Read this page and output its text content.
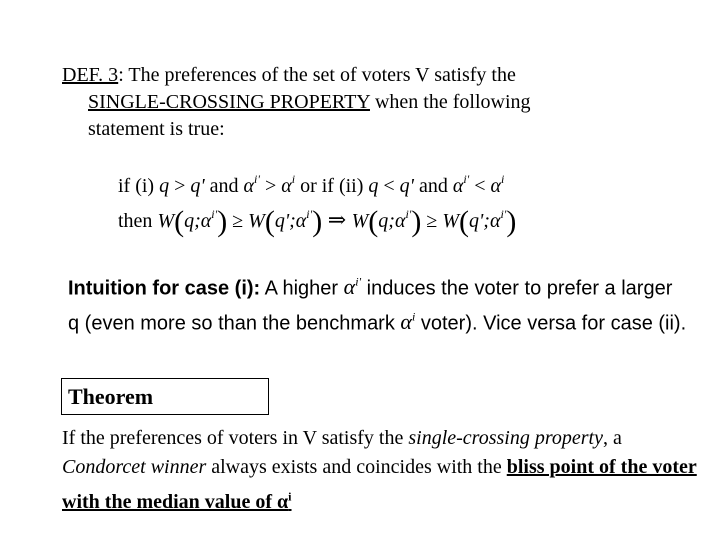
DEF. 3: The preferences of the set of voters V satisfy the
SINGLE-CROSSING PROPERTY when the following
statement is true:
if (i) q > q' and $\alpha^{i'} > \alpha^i$ or if (ii) q < q' and $\alpha^{i'} < \alpha^i$
then $W(q;\alpha^{i'})$ ≥ $W(q';\alpha^{i'})$ ⇒ $W(q;\alpha^{i'})$ ≥ $W(q';\alpha^{i'})$
Intuition for case (i): A higher $\alpha^{i'}$ induces the voter to prefer a larger q (even more so than the benchmark $\alpha^i$ voter). Vice versa for case (ii).
Theorem
If the preferences of voters in V satisfy the single-crossing property, a Condorcet winner always exists and coincides with the bliss point of the voter with the median value of $\alpha^i$
